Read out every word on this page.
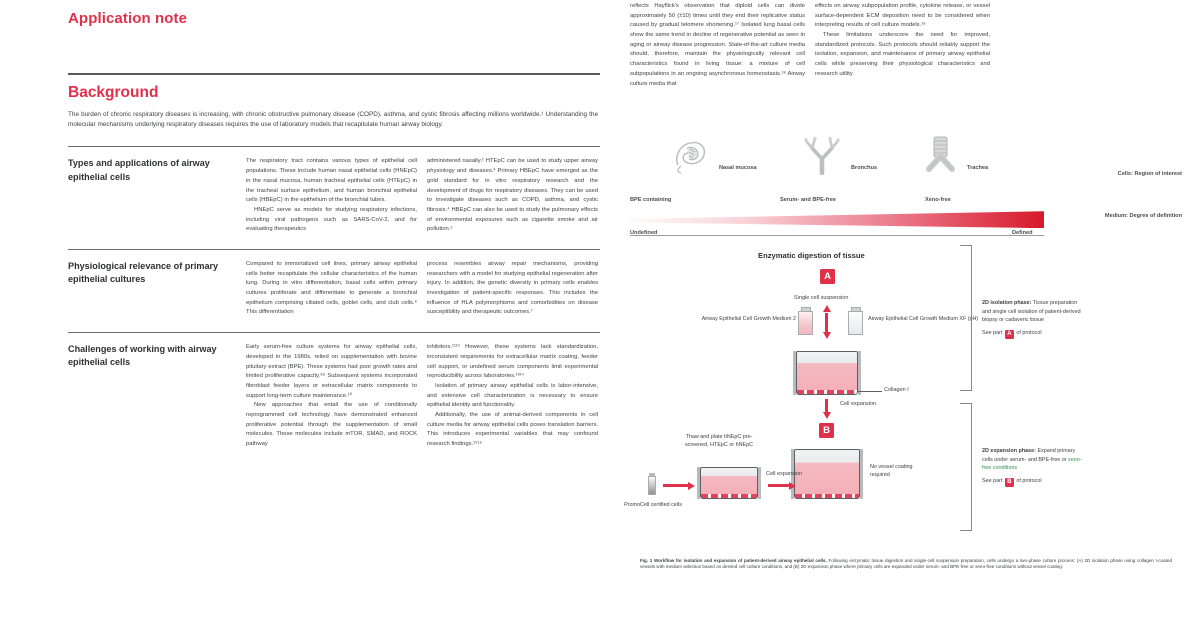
Application note
Background
The burden of chronic respiratory diseases is increasing, with chronic obstructive pulmonary disease (COPD), asthma, and cystic fibrosis affecting millions worldwide.¹ Understanding the molecular mechanisms underlying respiratory diseases requires the use of laboratory models that recapitulate human airway biology.
Types and applications of airway epithelial cells

The respiratory tract contains various types of epithelial cell populations. These include human nasal epithelial cells (HNEpC) in the nasal mucosa, human tracheal epithelial cells (HTEpC) in the tracheal surface epithelium, and human bronchial epithelial cells (HBEpC) in the epithelium of the bronchial tubes.

HNEpC serve as models for studying respiratory infections, including viral pathogens such as SARS-CoV-2, and for evaluating therapeutics

administered nasally.² HTEpC can be used to study upper airway physiology and diseases.³ Primary HBEpC have emerged as the gold standard for in vitro respiratory research and the development of drugs for respiratory diseases. They can be used to investigate diseases such as COPD, asthma, and cystic fibrosis.⁴ HBEpC can also be used to study the pulmonary effects of environmental exposures such as cigarette smoke and air pollution.⁵

Physiological relevance of primary epithelial cultures

Compared to immortalized cell lines, primary airway epithelial cells better recapitulate the cellular characteristics of the human lung. During in vitro differentiation, basal cells within primary cultures proliferate and differentiate to generate a bronchial epithelium comprising ciliated cells, goblet cells, and club cells.⁶ This differentiation

process resembles airway repair mechanisms, providing researchers with a model for studying epithelial regeneration after injury. In addition, the genetic diversity in primary cells enables investigation of patient-specific responses. This includes the influence of HLA polymorphisms and comorbidities on disease susceptibility and therapeutic outcomes.⁷

Challenges of working with airway epithelial cells

Early serum-free culture systems for airway epithelial cells, developed in the 1980s, relied on supplementation with bovine pituitary extract (BPE). These systems had poor growth rates and limited proliferative capacity.⁸⁹ Subsequent systems incorporated fibroblast feeder layers or extracellular matrix components to support long-term culture maintenance.¹⁰

New approaches that entail the use of conditionally reprogrammed cell technology have demonstrated enhanced proliferative potential through the supplementation of small molecules. These molecules include mTOR, SMAD, and ROCK pathway

inhibitors.¹¹¹² However, these systems lack standardization, inconsistent requirements for extracellular matrix coating, feeder cell support, or undefined serum components limit experimental reproducibility across laboratories.¹³¹⁴

Isolation of primary airway epithelial cells is labor-intensive, and extensive cell characterization is necessary to ensure epithelial identity and functionality.

Additionally, the use of animal-derived components in cell culture media for airway epithelial cells poses translation barriers. This introduces experimental variables that may confound research findings.¹⁵¹⁶

reflects Hayflick's observation that diploid cells can divide approximately 50 (±10) times until they end their replicative status caused by gradual telomere shortening.¹⁷ Isolated lung basal cells show the same trend in decline of regenerative potential as seen in aging or airway disease progression. State-of-the-art culture media should, therefore, maintain the physiologically relevant cell characteristics found in living tissue: a mixture of cell subpopulations in an ongoing asynchronous homeostasis.¹⁸ Airway culture media that

effects on airway subpopulation profile, cytokine release, or vessel surface-dependent ECM deposition need to be considered when interpreting results of cell culture models.¹⁹

These limitations underscore the need for improved, standardized protocols. Such protocols should reliably support the isolation, expansion, and maintenance of primary airway epithelial cells while preserving their physiological characteristics and research utility.

Nasal mucosa	Bronchus	Trachea
Cells: Region of interest
BPE containing	Serum- and BPE-free	Xeno-free
Undefined	Defined
Medium: Degree of definition
Enzymatic digestion of tissue
A
Single cell suspension
Airway Epithelial Cell Growth Medium 2	Airway Epithelial Cell Growth Medium XF (pH)
Collagen I
Cell expansion
B
No vessel coating required
PromoCell certified cells
Thaw and plate hNEpC pre-screened, HTEpC or hNEpC
Cell expansion
2D isolation phase: Tissue preparation and single cell isolation of patient-derived biopsy or cadaveric tissue
See part A of protocol
2D expansion phase: Expand primary cells under serum- and BPE-free or xeno-free conditions
See part B of protocol
Fig. 1 Workflow for isolation and expansion of patient-derived airway epithelial cells. Following enzymatic tissue digestion and single-cell suspension preparation, cells undergo a two-phase culture process: (A) 2D isolation phase using collagen I-coated vessels with medium selection based on desired cell culture conditions, and (B) 2D expansion phase where primary cells are expanded under serum- and BPE-free or xeno-free conditions without vessel coating.
